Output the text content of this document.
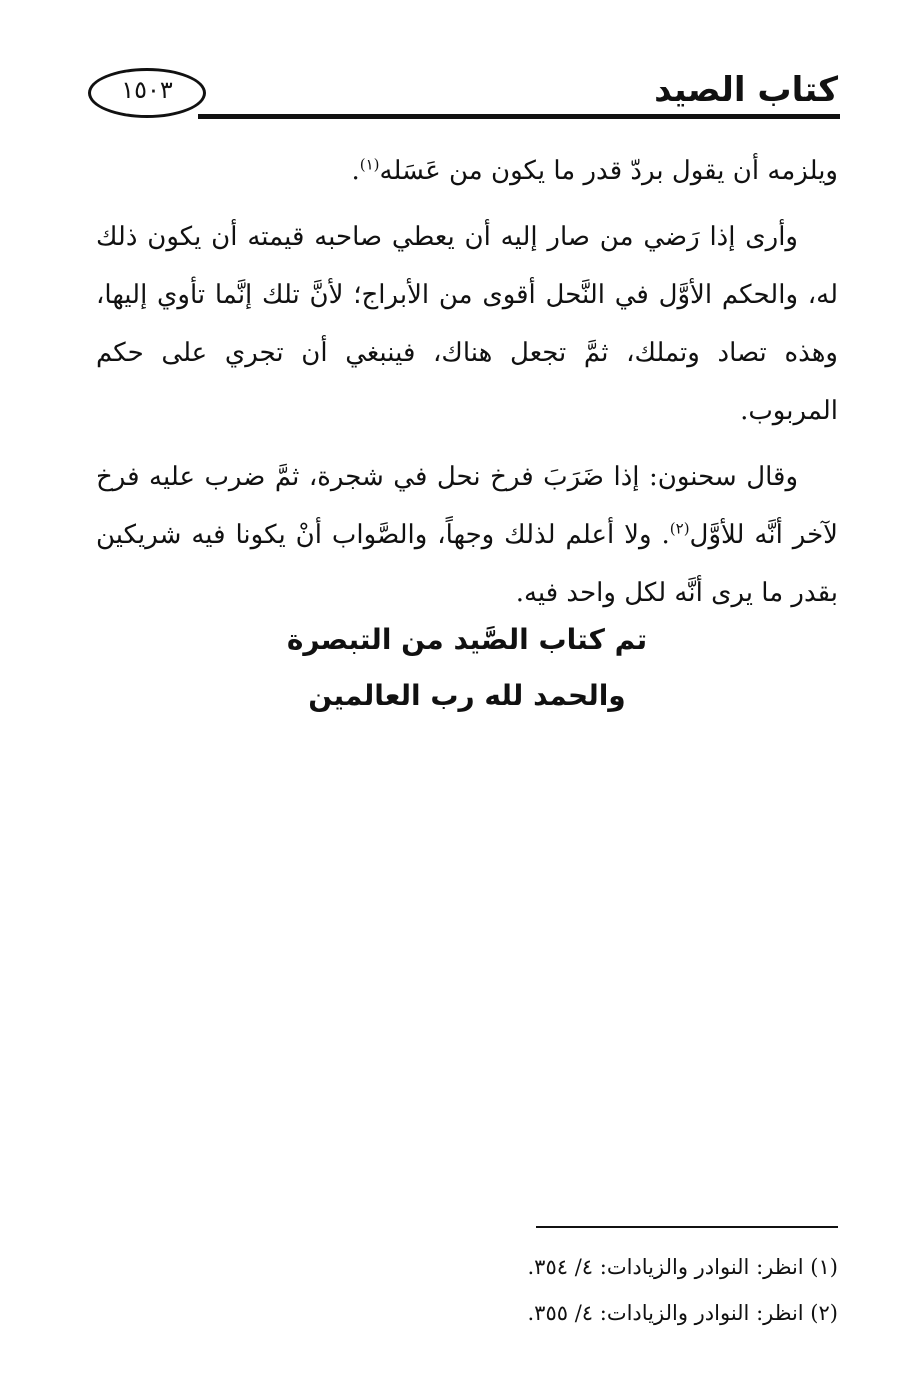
كتاب الصيد
١٥٠٣

ويلزمه أن يقول بردّ قدر ما يكون من عَسَله$^{(١)}$.

وأرى إذا رَضي من صار إليه أن يعطي صاحبه قيمته أن يكون ذلك له، والحكم الأوَّل في النَّحل أقوى من الأبراج؛ لأنَّ تلك إنَّما تأوي إليها، وهذه تصاد وتملك، ثمَّ تجعل هناك، فينبغي أن تجري على حكم المربوب.

وقال سحنون: إذا ضَرَبَ فرخ نحل في شجرة، ثمَّ ضرب عليه فرخ لآخر أنَّه للأوَّل$^{(٢)}$. ولا أعلم لذلك وجهاً، والصَّواب أنْ يكونا فيه شريكين بقدر ما يرى أنَّه لكل واحد فيه.

تم كتاب الصَّيد من التبصرة
والحمد لله رب العالمين
(١) انظر: النوادر والزيادات: ٤/ ٣٥٤.
(٢) انظر: النوادر والزيادات: ٤/ ٣٥٥.
